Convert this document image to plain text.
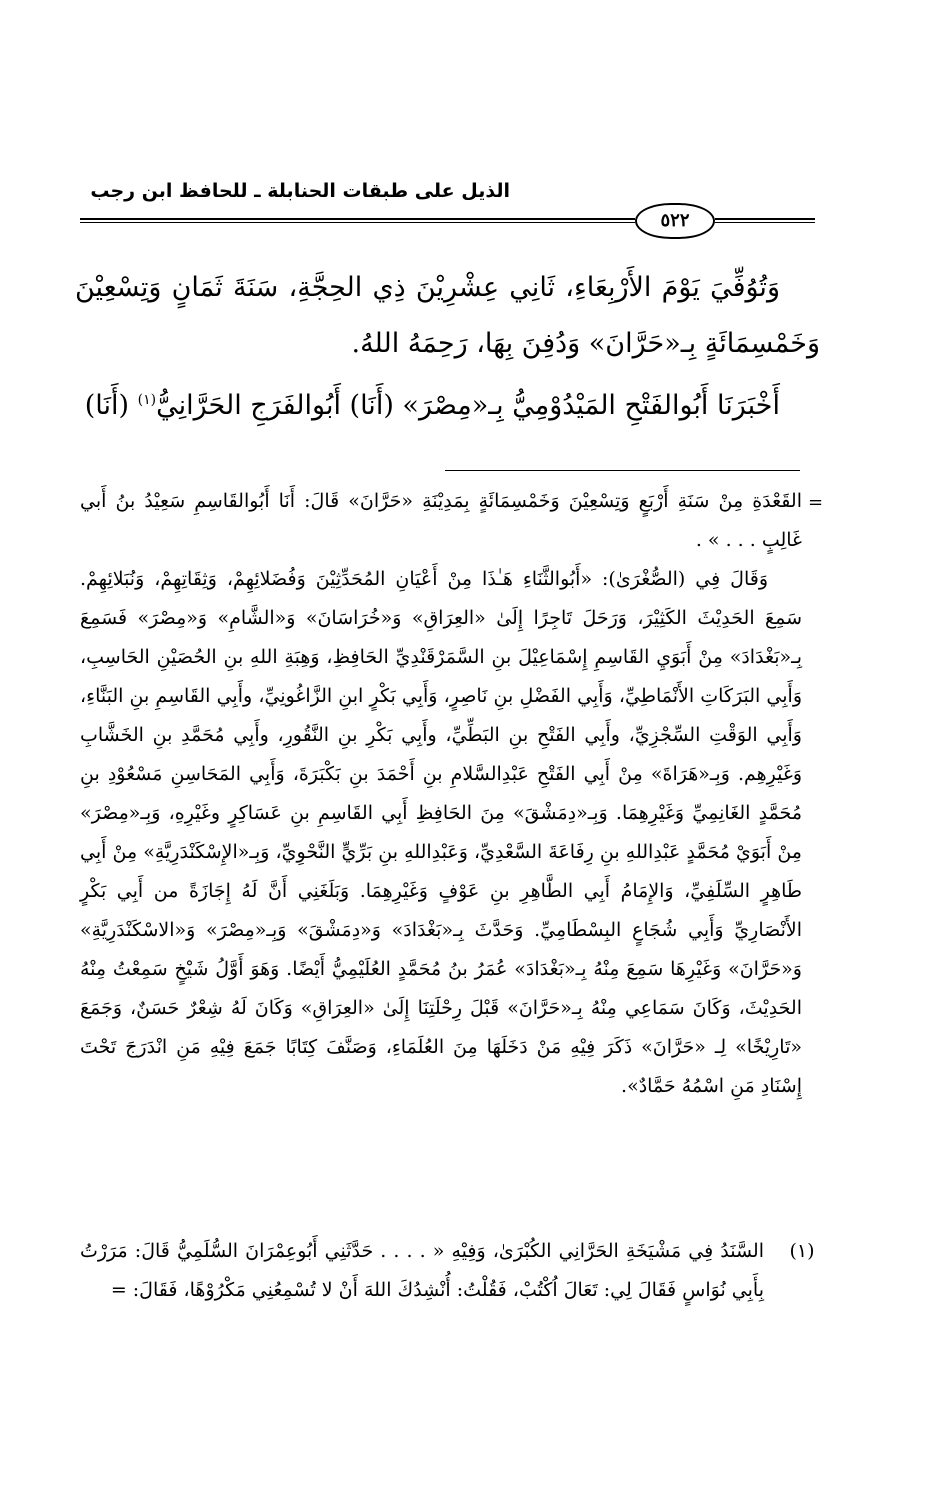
الذيل على طبقات الحنابلة ـ للحافظ ابن رجب
٥٢٢

وَتُوُفِّيَ يَوْمَ الأَرْبِعَاءِ، ثَانِي عِشْرِيْنَ ذِي الحِجَّةِ، سَنَةَ ثَمَانٍ وَتِسْعِيْنَ وَخَمْسِمَائَةٍ بِـ«حَرَّانَ» وَدُفِنَ بِهَا، رَحِمَهُ اللهُ.

أَخْبَرَنَا أَبُوالفَتْحِ المَيْدُوْمِيُّ بِـ«مِصْرَ» (أَنَا) أَبُوالفَرَجِ الحَرَّانِيُّ$^{(١)}$ (أَنَا)

=

القَعْدَةِ مِنْ سَنَةِ أَرْبَعٍ وَتِسْعِيْنَ وَخَمْسِمَائَةٍ بِمَدِيْنَةِ «حَرَّانَ» قَالَ: أَنَا أَبُوالقَاسِمِ سَعِيْدُ بنُ أَبي غَالِبٍ . . . » .

وَقَالَ فِي (الصُّغْرَىٰ): «أَبُوالثَّنَاءِ هَـٰذَا مِنْ أَعْيَانِ المُحَدِّثِيْنَ وَفُضَلائِهِمْ، وَثِقَاتِهِمْ، وَنُبَلائِهِمْ. سَمِعَ الحَدِيْثَ الكَثِيْرَ، وَرَحَلَ تَاجِرًا إِلَىٰ «العِرَاقِ» وَ«خُرَاسَانَ» وَ«الشَّامِ» وَ«مِصْرَ» فَسَمِعَ بِـ«بَغْدَادَ» مِنْ أَبَوَيِ القَاسِمِ إِسْمَاعِيْلَ بنِ السَّمَرْقَنْدِيِّ الحَافِظِ، وَهِبَةِ اللهِ بنِ الحُصَيْنِ الحَاسِبِ، وَأَبِي البَرَكَاتِ الأَنْمَاطِيِّ، وَأَبِي الفَضْلِ بنِ نَاصِرٍ، وَأَبِي بَكْرٍ ابنِ الزَّاغُونِيِّ، وأَبِي القَاسِمِ بنِ البَنَّاءِ، وَأَبِي الوَقْتِ السِّجْزِيِّ، وأَبِي الفَتْحِ بنِ البَطِّيِّ، وأَبِي بَكْرِ بنِ النَّقُورِ، وأَبِي مُحَمَّدِ بنِ الخَشَّابِ وَغَيْرِهِم. وَبِـ«هَرَاةَ» مِنْ أَبِي الفَتْحِ عَبْدِالسَّلامِ بنِ أَحْمَدَ بنِ بَكْبَرَةَ، وَأَبِي المَحَاسِنِ مَسْعُوْدِ بنِ مُحَمَّدٍ الغَانِمِيِّ وَغَيْرِهِمَا. وَبِـ«دِمَشْقَ» مِنَ الحَافِظِ أَبِي القَاسِمِ بنِ عَسَاكِرٍ وغَيْرِهِ، وَبِـ«مِصْرَ» مِنْ أَبَوَيْ مُحَمَّدٍ عَبْدِاللهِ بنِ رِفَاعَةَ السَّعْدِيِّ، وَعَبْدِاللهِ بنِ بَرِّيٍّ النَّحْوِيِّ، وَبِـ«الإِسْكَنْدَرِيَّةِ» مِنْ أَبِي طَاهِرٍ السِّلَفِيِّ، وَالإِمَامُ أَبِي الطَّاهِرِ بنِ عَوْفٍ وَغَيْرِهِمَا. وَبَلَغَنِي أَنَّ لَهُ إِجَازَةً من أَبِي بَكْرٍ الأَنْصَارِيِّ وَأَبِي شُجَاعٍ البِسْطَامِيِّ. وَحَدَّثَ بِـ«بَغْدَادَ» وَ«دِمَشْقَ» وَبِـ«مِصْرَ» وَ«الاسْكَنْدَرِيَّةِ» وَ«حَرَّانَ» وَغَيْرِهَا سَمِعَ مِنْهُ بِـ«بَغْدَادَ» عُمَرُ بنُ مُحَمَّدٍ العُلَيْمِيُّ أَيْضًا. وَهَوَ أَوَّلُ شَيْخٍ سَمِعْتُ مِنْهُ الحَدِيْثَ، وَكَانَ سَمَاعِي مِنْهُ بِـ«حَرَّانَ» قَبْلَ رِحْلَتِنَا إِلَىٰ «العِرَاقِ» وَكَانَ لَهُ شِعْرٌ حَسَنٌ، وَجَمَعَ «تَارِيْخًا» لِـ «حَرَّانَ» ذَكَرَ فِيْهِ مَنْ دَخَلَهَا مِنَ العُلَمَاءِ، وَصَنَّفَ كِتَابًا جَمَعَ فِيْهِ مَنِ انْدَرَجَ تَحْتَ إِسْنَادِ مَنِ اسْمُهُ حَمَّادٌ».

(١)
السَّنَدُ فِي مَشْيَخَةِ الحَرَّانِي الكُبْرَىٰ، وَفِيْهِ « . . . . حَدَّثَنِي أَبُوعِمْرَانَ السُّلَمِيُّ قَالَ: مَرَرْتُ بِأَبِي نُوَاسٍ فَقَالَ لِي: تَعَالَ اُكْتُبْ، فَقُلْتُ: أُنْشِدُكَ اللهَ أَنْ لا تُسْمِعُنِي مَكْرُوْهًا، فَقَالَ: =
